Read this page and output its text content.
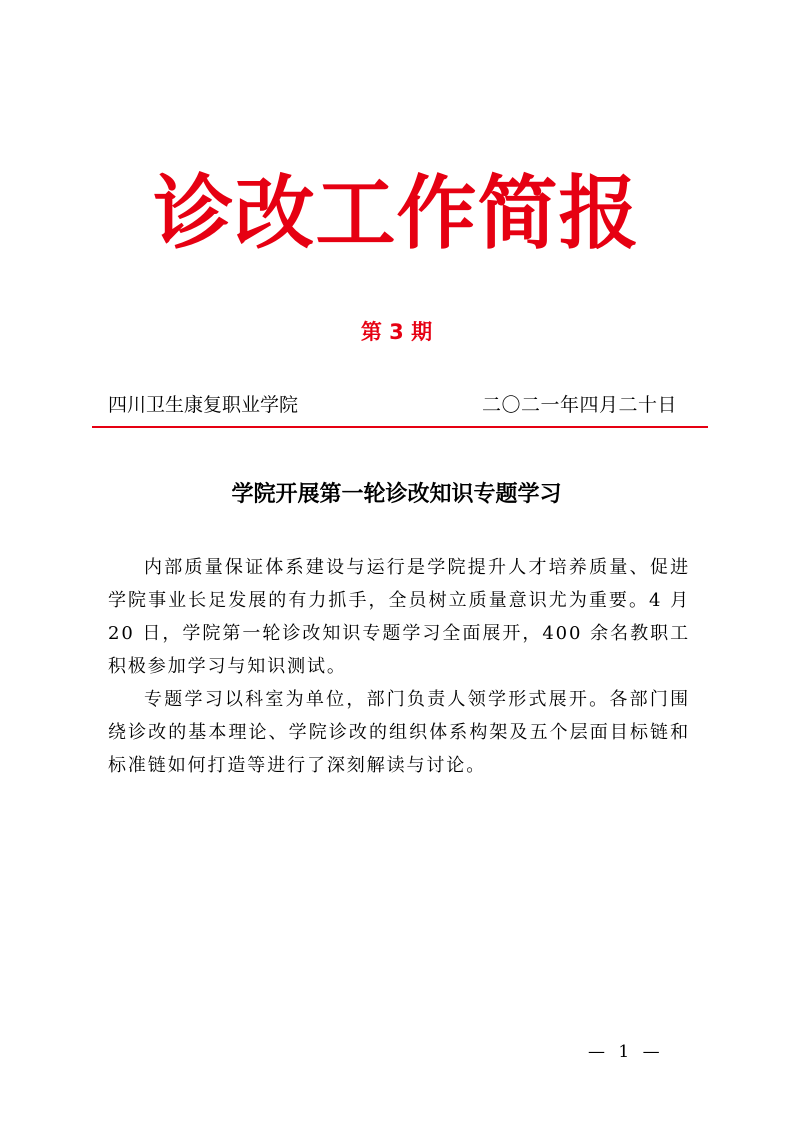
诊改工作简报
第 3 期
四川卫生康复职业学院	二〇二一年四月二十日
学院开展第一轮诊改知识专题学习

内部质量保证体系建设与运行是学院提升人才培养质量、促进学院事业长足发展的有力抓手，全员树立质量意识尤为重要。4 月 20 日，学院第一轮诊改知识专题学习全面展开，400 余名教职工积极参加学习与知识测试。

专题学习以科室为单位，部门负责人领学形式展开。各部门围绕诊改的基本理论、学院诊改的组织体系构架及五个层面目标链和标准链如何打造等进行了深刻解读与讨论。

— 1 —
